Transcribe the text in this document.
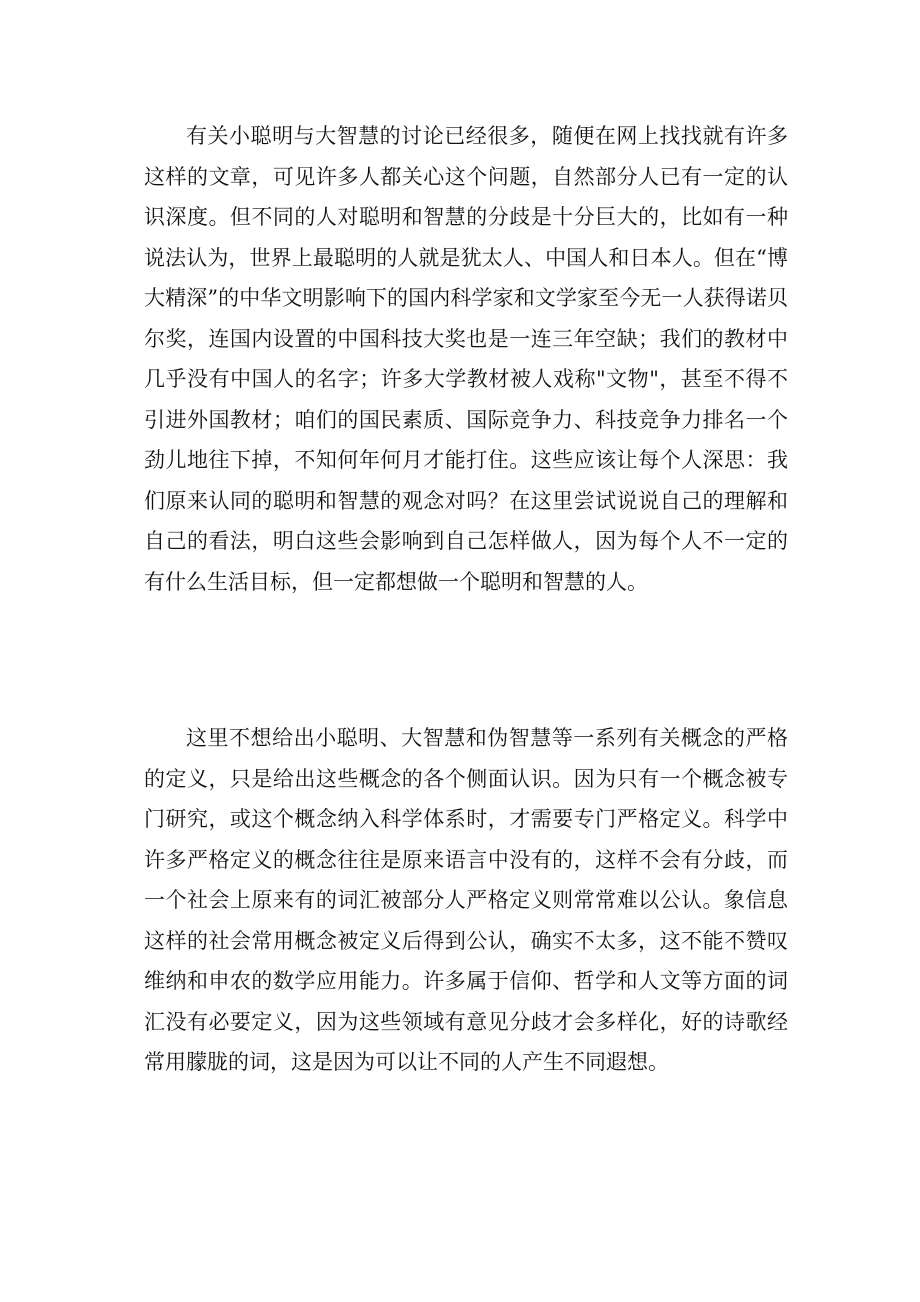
有关小聪明与大智慧的讨论已经很多，随便在网上找找就有许多这样的文章，可见许多人都关心这个问题，自然部分人已有一定的认识深度。但不同的人对聪明和智慧的分歧是十分巨大的，比如有一种说法认为，世界上最聪明的人就是犹太人、中国人和日本人。但在“博大精深”的中华文明影响下的国内科学家和文学家至今无一人获得诺贝尔奖，连国内设置的中国科技大奖也是一连三年空缺；我们的教材中几乎没有中国人的名字；许多大学教材被人戏称"文物"，甚至不得不引进外国教材；咱们的国民素质、国际竞争力、科技竞争力排名一个劲儿地往下掉，不知何年何月才能打住。这些应该让每个人深思：我们原来认同的聪明和智慧的观念对吗？在这里尝试说说自己的理解和自己的看法，明白这些会影响到自己怎样做人，因为每个人不一定的有什么生活目标，但一定都想做一个聪明和智慧的人。

这里不想给出小聪明、大智慧和伪智慧等一系列有关概念的严格的定义，只是给出这些概念的各个侧面认识。因为只有一个概念被专门研究，或这个概念纳入科学体系时，才需要专门严格定义。科学中许多严格定义的概念往往是原来语言中没有的，这样不会有分歧，而一个社会上原来有的词汇被部分人严格定义则常常难以公认。象信息这样的社会常用概念被定义后得到公认，确实不太多，这不能不赞叹维纳和申农的数学应用能力。许多属于信仰、哲学和人文等方面的词汇没有必要定义，因为这些领域有意见分歧才会多样化，好的诗歌经常用朦胧的词，这是因为可以让不同的人产生不同遐想。
